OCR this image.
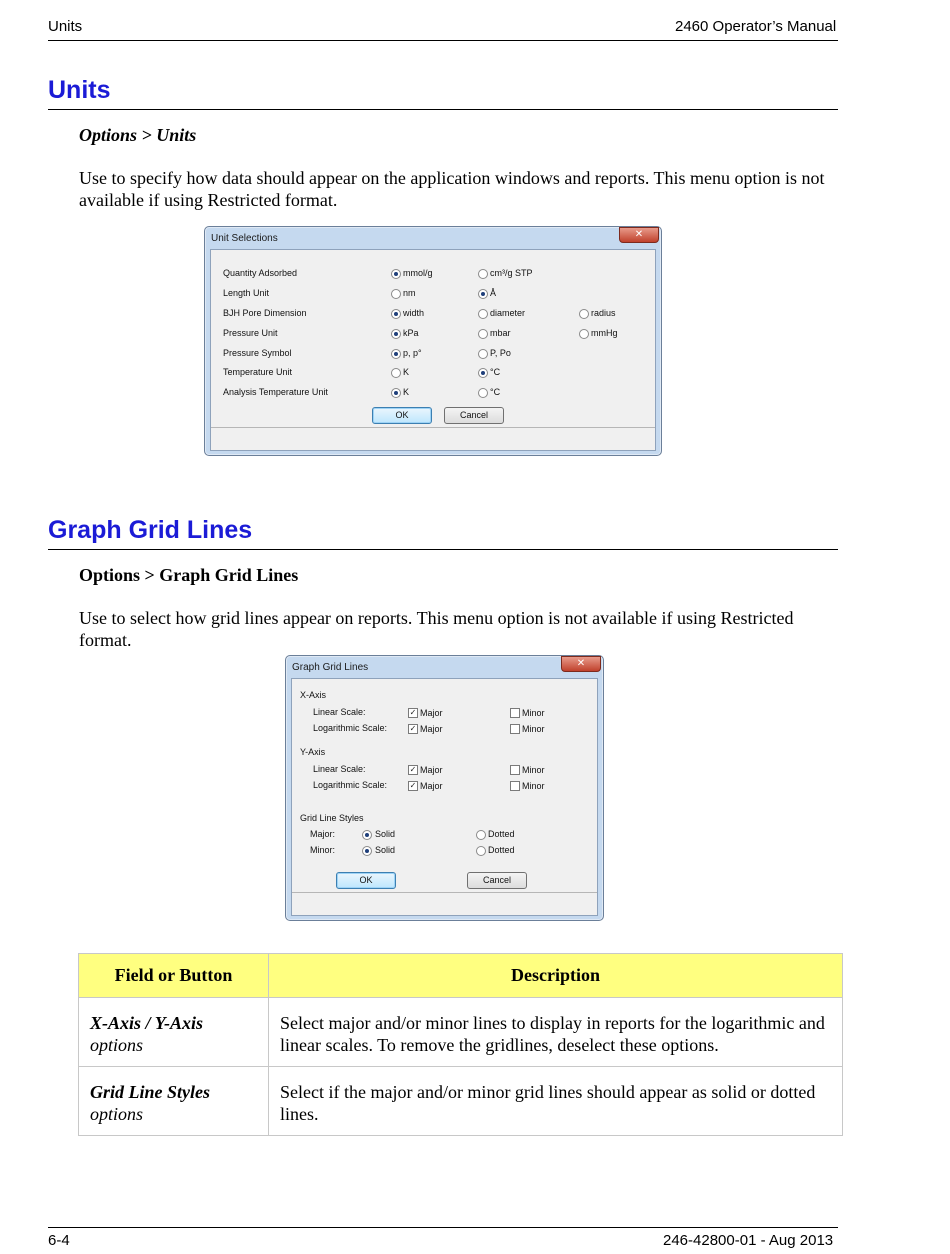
Units	2460 Operator’s Manual
Units
Options > Units
Use to specify how data should appear on the application windows and reports. This menu option is not available if using Restricted format.
Unit Selections	✕
Quantity Adsorbed	mmol/g	cm³/g STP
Length Unit	nm	Å
BJH Pore Dimension	width	diameter	radius
Pressure Unit	kPa	mbar	mmHg
Pressure Symbol	p, p°	P, Po
Temperature Unit	K	°C
Analysis Temperature Unit	K	°C
OK	Cancel
Graph Grid Lines
Options > Graph Grid Lines
Use to select how grid lines appear on reports. This menu option is not available if using Restricted format.
Graph Grid Lines	✕
X-Axis
Linear Scale:	✓ Major	Minor
Logarithmic Scale:	✓ Major	Minor
Y-Axis
Linear Scale:	✓ Major	Minor
Logarithmic Scale:	✓ Major	Minor
Grid Line Styles
Major:	Solid	Dotted
Minor:	Solid	Dotted
OK	Cancel
Field or Button	Description

X-Axis / Y-Axis
options	Select major and/or minor lines to display in reports for the logarithmic and linear scales. To remove the gridlines, deselect these options.

Grid Line Styles
options	Select if the major and/or minor grid lines should appear as solid or dotted lines.
6-4	246-42800-01 - Aug 2013
